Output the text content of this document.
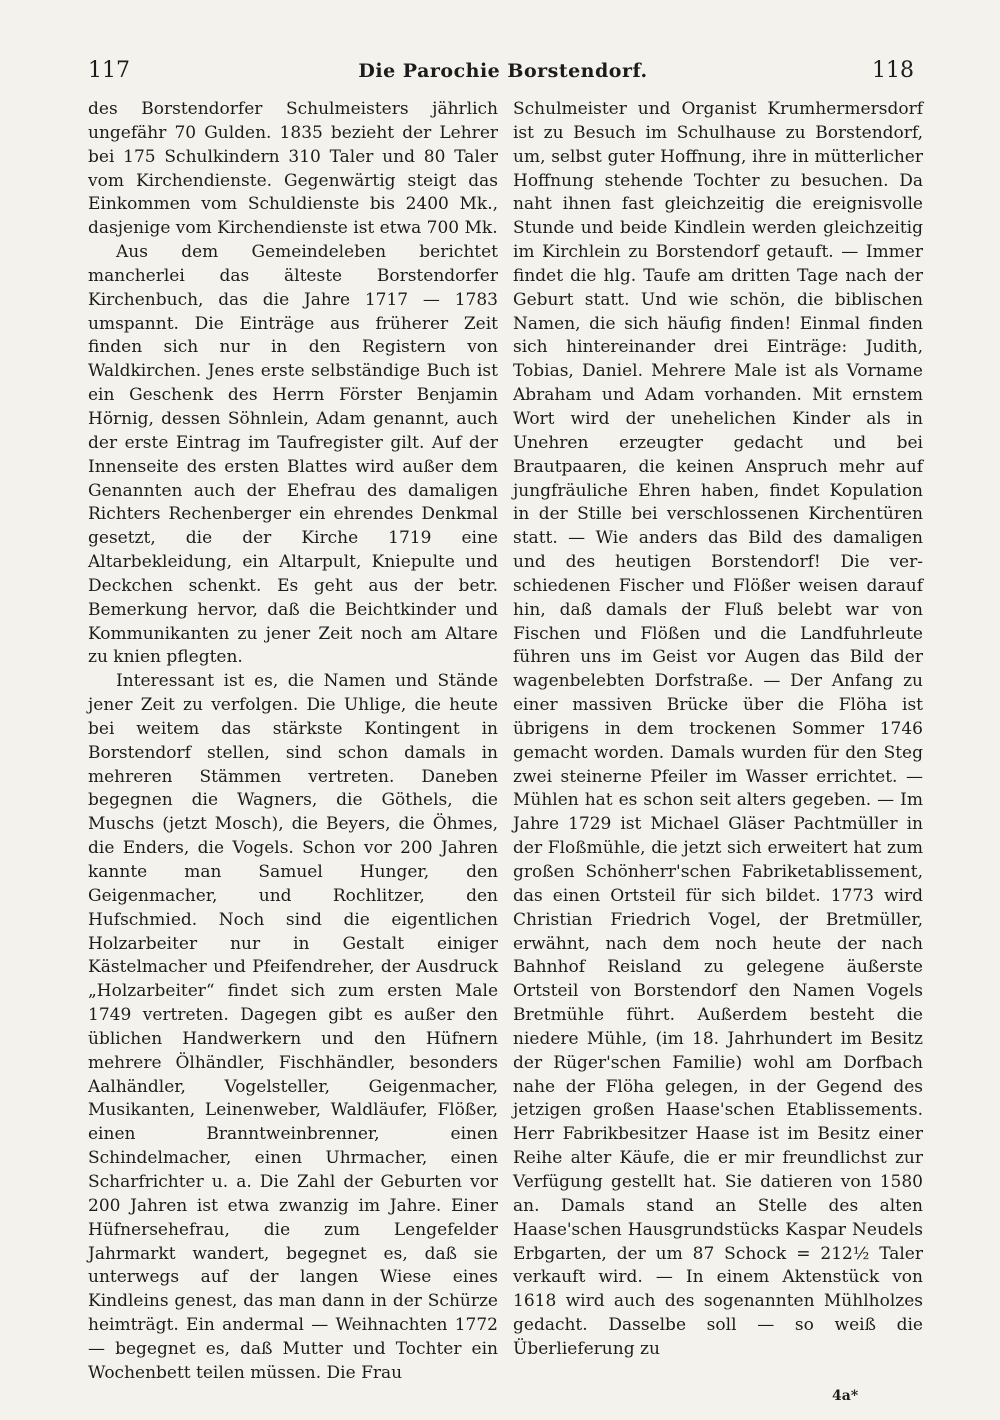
117	Die Parochie Borstendorf.	118

des Borstendorfer Schulmeisters jährlich ungefähr 70 Gulden. 1835 bezieht der Lehrer bei 175 Schulkindern 310 Taler und 80 Taler vom Kirchendienste. Gegenwärtig steigt das Einkommen vom Schuldienste bis 2400 Mk., dasjenige vom Kirchendienste ist etwa 700 Mk.

Aus dem Gemeindeleben berichtet mancherlei das älteste Borstendorfer Kirchenbuch, das die Jahre 1717 — 1783 umspannt. Die Einträge aus früherer Zeit finden sich nur in den Registern von Waldkirchen. Jenes erste selbständige Buch ist ein Geschenk des Herrn Förster Benjamin Hörnig, dessen Söhnlein, Adam genannt, auch der erste Eintrag im Taufregister gilt. Auf der Innenseite des ersten Blattes wird außer dem Genannten auch der Ehefrau des damaligen Richters Rechenberger ein ehrendes Denkmal gesetzt, die der Kirche 1719 eine Altarbekleidung, ein Altarpult, Kniepulte und Deckchen schenkt. Es geht aus der betr. Bemerkung hervor, daß die Beichtkinder und Kommunikanten zu jener Zeit noch am Altare zu knien pflegten.

Interessant ist es, die Namen und Stände jener Zeit zu verfolgen. Die Uhlige, die heute bei weitem das stärkste Kontingent in Borstendorf stellen, sind schon damals in mehreren Stämmen vertreten. Daneben begegnen die Wagners, die Göthels, die Muschs (jetzt Mosch), die Beyers, die Öhmes, die Enders, die Vogels. Schon vor 200 Jahren kannte man Samuel Hunger, den Geigenmacher, und Rochlitzer, den Hufschmied. Noch sind die eigentlichen Holzarbeiter nur in Gestalt einiger Kästelmacher und Pfeifendreher, der Ausdruck „Holzarbeiter“ findet sich zum ersten Male 1749 vertreten. Dagegen gibt es außer den üblichen Handwerkern und den Hüfnern mehrere Ölhändler, Fischhändler, besonders Aalhändler, Vogelsteller, Geigenmacher, Musikanten, Leinenweber, Waldläufer, Flößer, einen Branntweinbrenner, einen Schindelmacher, einen Uhrmacher, einen Scharfrichter u. a. Die Zahl der Geburten vor 200 Jahren ist etwa zwanzig im Jahre. Einer Hüfnersehefrau, die zum Lengefelder Jahrmarkt wandert, begegnet es, daß sie unterwegs auf der langen Wiese eines Kindleins genest, das man dann in der Schürze heimträgt. Ein andermal — Weihnachten 1772 — begegnet es, daß Mutter und Tochter ein Wochenbett teilen müssen. Die Frau

Schulmeister und Organist Krumhermersdorf ist zu Besuch im Schulhause zu Borstendorf, um, selbst guter Hoffnung, ihre in mütterlicher Hoffnung stehende Tochter zu besuchen. Da naht ihnen fast gleichzeitig die ereignisvolle Stunde und beide Kindlein werden gleichzeitig im Kirchlein zu Borstendorf getauft. — Immer findet die hlg. Taufe am dritten Tage nach der Geburt statt. Und wie schön, die biblischen Namen, die sich häufig finden! Einmal finden sich hintereinander drei Einträge: Judith, Tobias, Daniel. Mehrere Male ist als Vorname Abraham und Adam vorhanden. Mit ernstem Wort wird der unehelichen Kinder als in Unehren erzeugter gedacht und bei Brautpaaren, die keinen Anspruch mehr auf jungfräuliche Ehren haben, findet Kopulation in der Stille bei verschlossenen Kirchentüren statt. — Wie anders das Bild des damaligen und des heutigen Borstendorf! Die verschiedenen Fischer und Flößer weisen darauf hin, daß damals der Fluß belebt war von Fischen und Flößen und die Landfuhrleute führen uns im Geist vor Augen das Bild der wagenbelebten Dorfstraße. — Der Anfang zu einer massiven Brücke über die Flöha ist übrigens in dem trockenen Sommer 1746 gemacht worden. Damals wurden für den Steg zwei steinerne Pfeiler im Wasser errichtet. — Mühlen hat es schon seit alters gegeben. — Im Jahre 1729 ist Michael Gläser Pachtmüller in der Floßmühle, die jetzt sich erweitert hat zum großen Schönherr'schen Fabriketablissement, das einen Ortsteil für sich bildet. 1773 wird Christian Friedrich Vogel, der Bretmüller, erwähnt, nach dem noch heute der nach Bahnhof Reisland zu gelegene äußerste Ortsteil von Borstendorf den Namen Vogels Bretmühle führt. Außerdem besteht die niedere Mühle, (im 18. Jahrhundert im Besitz der Rüger'schen Familie) wohl am Dorfbach nahe der Flöha gelegen, in der Gegend des jetzigen großen Haase'schen Etablissements. Herr Fabrikbesitzer Haase ist im Besitz einer Reihe alter Käufe, die er mir freundlichst zur Verfügung gestellt hat. Sie datieren von 1580 an. Damals stand an Stelle des alten Haase'schen Hausgrundstücks Kaspar Neudels Erbgarten, der um 87 Schock = 212½ Taler verkauft wird. — In einem Aktenstück von 1618 wird auch des sogenannten Mühlholzes gedacht. Dasselbe soll — so weiß die Überlieferung zu

4a*
